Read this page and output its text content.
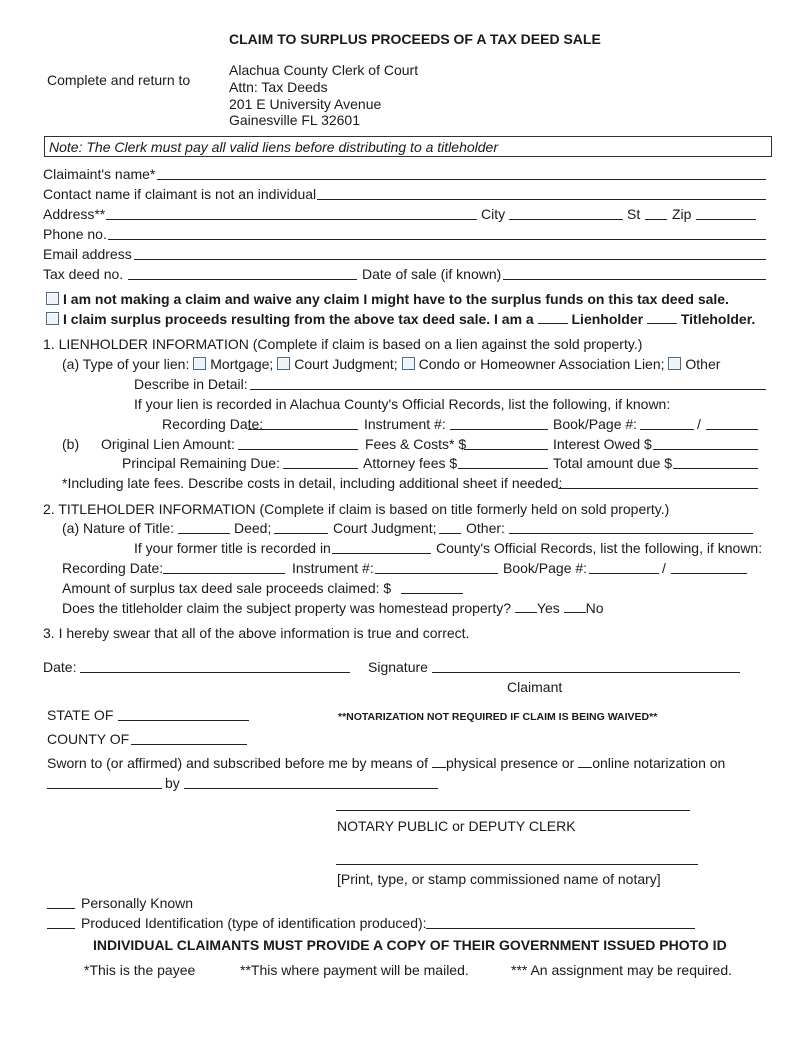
CLAIM TO SURPLUS PROCEEDS OF A TAX DEED SALE
Complete and return to
Alachua County Clerk of Court
Attn: Tax Deeds
201 E University Avenue
Gainesville FL 32601
Note: The Clerk must pay all valid liens before distributing to a titleholder
Claimaint's name*
Contact name if claimant is not an individual
Address**	City	St Zip
Phone no.
Email address
Tax deed no.	Date of sale (if known)
I am not making a claim and waive any claim I might have to the surplus funds on this tax deed sale.
I claim surplus proceeds resulting from the above tax deed sale. I am a	Lienholder	Titleholder.
1. LIENHOLDER INFORMATION (Complete if claim is based on a lien against the sold property.)
(a) Type of your lien: Mortgage; Court Judgment; Condo or Homeowner Association Lien; Other
Describe in Detail:
If your lien is recorded in Alachua County's Official Records, list the following, if known:
Recording Date:	Instrument #:	Book/Page #:	/
(b) Original Lien Amount:	Fees & Costs* $	Interest Owed $
Principal Remaining Due:	Attorney fees $	Total amount due $
*Including late fees. Describe costs in detail, including additional sheet if needed:
2. TITLEHOLDER INFORMATION (Complete if claim is based on title formerly held on sold property.)
(a) Nature of Title:	Deed;	Court Judgment; Other:
If your former title is recorded in	County's Official Records, list the following, if known:
Recording Date:	Instrument #:	Book/Page #:	/
Amount of surplus tax deed sale proceeds claimed: $
Does the titleholder claim the subject property was homestead property? Yes No
3. I hereby swear that all of the above information is true and correct.
Date:	Signature
Claimant
STATE OF	**NOTARIZATION NOT REQUIRED IF CLAIM IS BEING WAIVED**
COUNTY OF
Sworn to (or affirmed) and subscribed before me by means of physical presence or online notarization on
by
NOTARY PUBLIC or DEPUTY CLERK
[Print, type, or stamp commissioned name of notary]
Personally Known
Produced Identification (type of identification produced):
INDIVIDUAL CLAIMANTS MUST PROVIDE A COPY OF THEIR GOVERNMENT ISSUED PHOTO ID
*This is the payee	**This where payment will be mailed.	*** An assignment may be required.
